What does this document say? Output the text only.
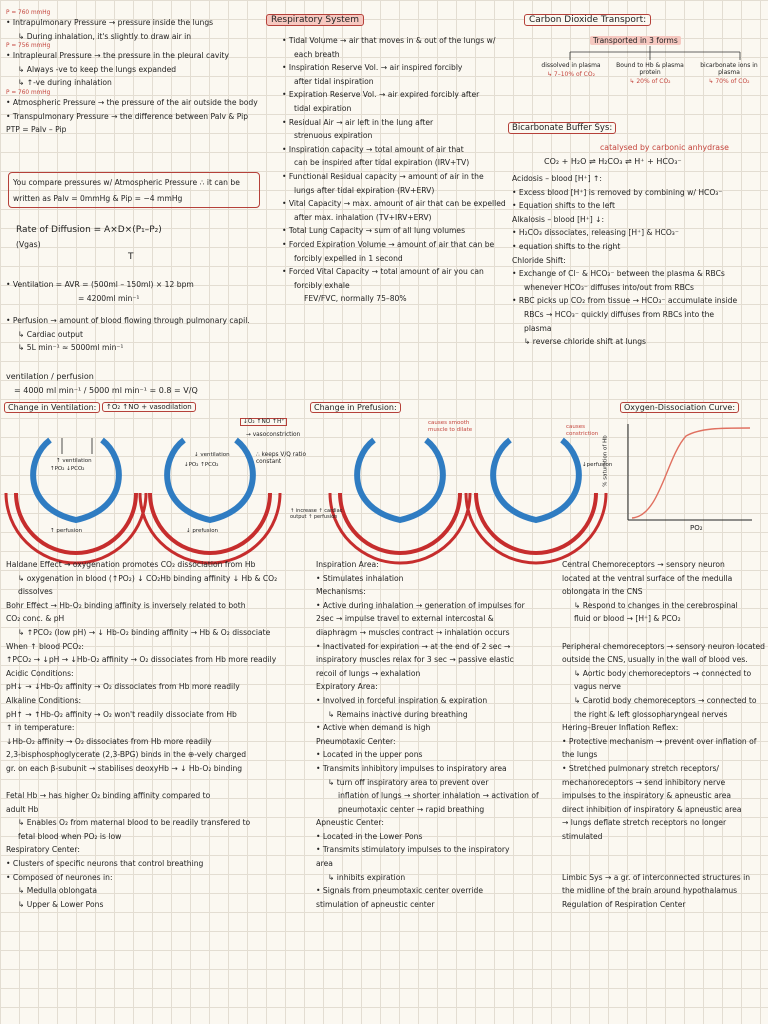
P = 760 mmHg
• Intrapulmonary Pressure → pressure inside the lungs
↳ During inhalation, it's slightly to draw air in
P = 756 mmHg
• Intrapleural Pressure → the pressure in the pleural cavity
↳ Always -ve to keep the lungs expanded
↳ ↑-ve during inhalation
P = 760 mmHg
• Atmospheric Pressure → the pressure of the air outside the body
• Transpulmonary Pressure → the difference between Palv & Pip
PTP = Palv – Pip
You compare pressures w/ Atmospheric Pressure ∴ it can be
written as Palv = 0mmHg & Pip = −4 mmHg
Rate of Diffusion = A×D×(P₁–P₂)
(Vgas)
T
• Ventilation = AVR = (500ml – 150ml) × 12 bpm
= 4200ml min⁻¹
• Perfusion → amount of blood flowing through pulmonary capil.
↳ Cardiac output
↳ 5L min⁻¹ ≈ 5000ml min⁻¹
ventilation / perfusion
= 4000 ml min⁻¹ / 5000 ml min⁻¹ = 0.8 = V/Q
Respiratory System
• Tidal Volume → air that moves in & out of the lungs w/
each breath
• Inspiration Reserve Vol. → air inspired forcibly
after tidal inspiration
• Expiration Reserve Vol. → air expired forcibly after
tidal expiration
• Residual Air → air left in the lung after
strenuous expiration
• Inspiration capacity → total amount of air that
can be inspired after tidal expiration (IRV+TV)
• Functional Residual capacity → amount of air in the
lungs after tidal expiration (RV+ERV)
• Vital Capacity → max. amount of air that can be expelled
after max. inhalation (TV+IRV+ERV)
• Total Lung Capacity → sum of all lung volumes
• Forced Expiration Volume → amount of air that can be
forcibly expelled in 1 second
• Forced Vital Capacity → total amount of air you can
forcibly exhale
FEV/FVC, normally 75–80%
Carbon Dioxide Transport:
Transported in 3 forms
dissolved in plasma
↳ 7–10% of CO₂
Bound to Hb & plasma protein
↳ 20% of CO₂
bicarbonate ions in plasma
↳ 70% of CO₂
Bicarbonate Buffer Sys:
catalysed by carbonic anhydrase
CO₂ + H₂O ⇌ H₂CO₃ ⇌ H⁺ + HCO₃⁻
Acidosis – blood [H⁺] ↑:
• Excess blood [H⁺] is removed by combining w/ HCO₃⁻
• Equation shifts to the left
Alkalosis – blood [H⁺] ↓:
• H₂CO₃ dissociates, releasing [H⁺] & HCO₃⁻
• equation shifts to the right
Chloride Shift:
• Exchange of Cl⁻ & HCO₃⁻ between the plasma & RBCs
whenever HCO₃⁻ diffuses into/out from RBCs
• RBC picks up CO₂ from tissue → HCO₃⁻ accumulate inside
RBCs → HCO₃⁻ quickly diffuses from RBCs into the
plasma
↳ reverse chloride shift at lungs
Change in Ventilation:	↑O₂ ↑NO + vasodilation	Change in Prefusion:	Oxygen-Dissociation Curve:
% saturation of Hb
PO₂
→ vasoconstriction
∴ keeps V/Q ratio constant
↓O₂ ↑NO ↑H⁺
↑ ventilation
↑PO₂ ↓PCO₂
↓ ventilation
↓PO₂ ↑PCO₂
↑ perfusion	↓ prefusion
causes smooth muscle to dilate	causes constriction
↑ increase ↑ cardiac output ↑ perfusion
↓perfusion
Haldane Effect → oxygenation promotes CO₂ dissociation from Hb
↳ oxygenation in blood (↑PO₂) ↓ CO₂Hb binding affinity ↓ Hb & CO₂
dissolves
Bohr Effect → Hb-O₂ binding affinity is inversely related to both
CO₂ conc. & pH
↳ ↑PCO₂ (low pH) → ↓ Hb-O₂ binding affinity → Hb & O₂ dissociate
When ↑ blood PCO₂:
↑PCO₂ → ↓pH → ↓Hb-O₂ affinity → O₂ dissociates from Hb more readily
Acidic Conditions:
pH↓ → ↓Hb-O₂ affinity → O₂ dissociates from Hb more readily
Alkaline Conditions:
pH↑ → ↑Hb-O₂ affinity → O₂ won't readily dissociate from Hb
↑ in temperature:
↓Hb-O₂ affinity → O₂ dissociates from Hb more readily
2,3-bisphosphoglycerate (2,3-BPG) binds in the ⊕-vely charged
gr. on each β-subunit → stabilises deoxyHb → ↓ Hb-O₂ binding

Fetal Hb → has higher O₂ binding affinity compared to
adult Hb
↳ Enables O₂ from maternal blood to be readily transfered to
fetal blood when PO₂ is low
Respiratory Center:
• Clusters of specific neurons that control breathing
• Composed of neurones in:
↳ Medulla oblongata
↳ Upper & Lower Pons
Inspiration Area:
• Stimulates inhalation
Mechanisms:
• Active during inhalation → generation of impulses for
2sec → impulse travel to external intercostal &
diaphragm → muscles contract → inhalation occurs
• Inactivated for expiration → at the end of 2 sec →
inspiratory muscles relax for 3 sec → passive elastic
recoil of lungs → exhalation
Expiratory Area:
• Involved in forceful inspiration & expiration
↳ Remains inactive during breathing
• Active when demand is high
Pneumotaxic Center:
• Located in the upper pons
• Transmits inhibitory impulses to inspiratory area
↳ turn off inspiratory area to prevent over
inflation of lungs → shorter inhalation → activation of
pneumotaxic center → rapid breathing
Apneustic Center:
• Located in the Lower Pons
• Transmits stimulatory impulses to the inspiratory
area
↳ inhibits expiration
• Signals from pneumotaxic center override
stimulation of apneustic center
Central Chemoreceptors → sensory neuron
located at the ventral surface of the medulla
oblongata in the CNS
↳ Respond to changes in the cerebrospinal
fluid or blood → [H⁺] & PCO₂

Peripheral chemoreceptors → sensory neuron located
outside the CNS, usually in the wall of blood ves.
↳ Aortic body chemoreceptors → connected to
vagus nerve
↳ Carotid body chemoreceptors → connected to
the right & left glossopharyngeal nerves
Hering–Breuer Inflation Reflex:
• Protective mechanism → prevent over inflation of
the lungs
• Stretched pulmonary stretch receptors/
mechanoreceptors → send inhibitory nerve
impulses to the inspiratory & apneustic area
direct inhibition of inspiratory & apneustic area
→ lungs deflate stretch receptors no longer
stimulated

Limbic Sys → a gr. of interconnected structures in
the midline of the brain around hypothalamus
Regulation of Respiration Center
